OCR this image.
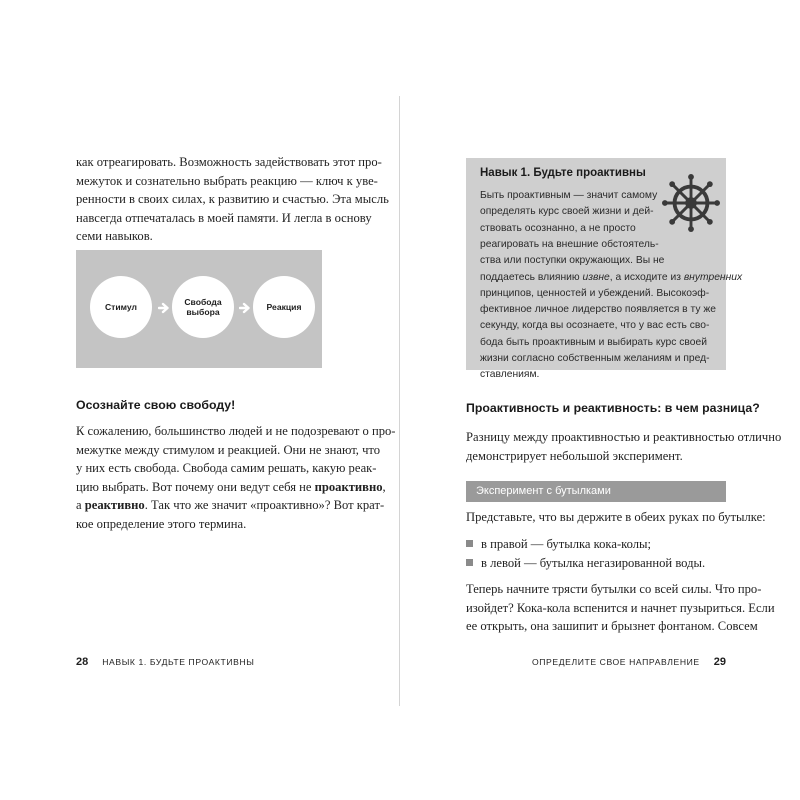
как отреагировать. Возможность задействовать этот про-
межуток и сознательно выбрать реакцию — ключ к уве-
ренности в своих силах, к развитию и счастью. Эта мысль
навсегда отпечаталась в моей памяти. И легла в основу
семи навыков.
Стимул	Свобода
выбора	Реакция
Осознайте свою свободу!
К сожалению, большинство людей и не подозревают о про-
межутке между стимулом и реакцией. Они не знают, что
у них есть свобода. Свобода самим решать, какую реак-
цию выбрать. Вот почему они ведут себя не проактивно,
а реактивно. Так что же значит «проактивно»? Вот крат-
кое определение этого термина.
28 НАВЫК 1. БУДЬТЕ ПРОАКТИВНЫ
Навык 1. Будьте проактивны
Быть проактивным — значит самому
определять курс своей жизни и дей-
ствовать осознанно, а не просто
реагировать на внешние обстоятель-
ства или поступки окружающих. Вы не
поддаетесь влиянию извне, а исходите из внутренних
принципов, ценностей и убеждений. Высокоэф-
фективное личное лидерство появляется в ту же
секунду, когда вы осознаете, что у вас есть сво-
бода быть проактивным и выбирать курс своей
жизни согласно собственным желаниям и пред-
ставлениям.
Проактивность и реактивность: в чем разница?
Разницу между проактивностью и реактивностью отлично
демонстрирует небольшой эксперимент.
Эксперимент с бутылками
Представьте, что вы держите в обеих руках по бутылке:
в правой — бутылка кока-колы;
в левой — бутылка негазированной воды.
Теперь начните трясти бутылки со всей силы. Что про-
изойдет? Кока-кола вспенится и начнет пузыриться. Если
ее открыть, она зашипит и брызнет фонтаном. Совсем
ОПРЕДЕЛИТЕ СВОЕ НАПРАВЛЕНИЕ 29
